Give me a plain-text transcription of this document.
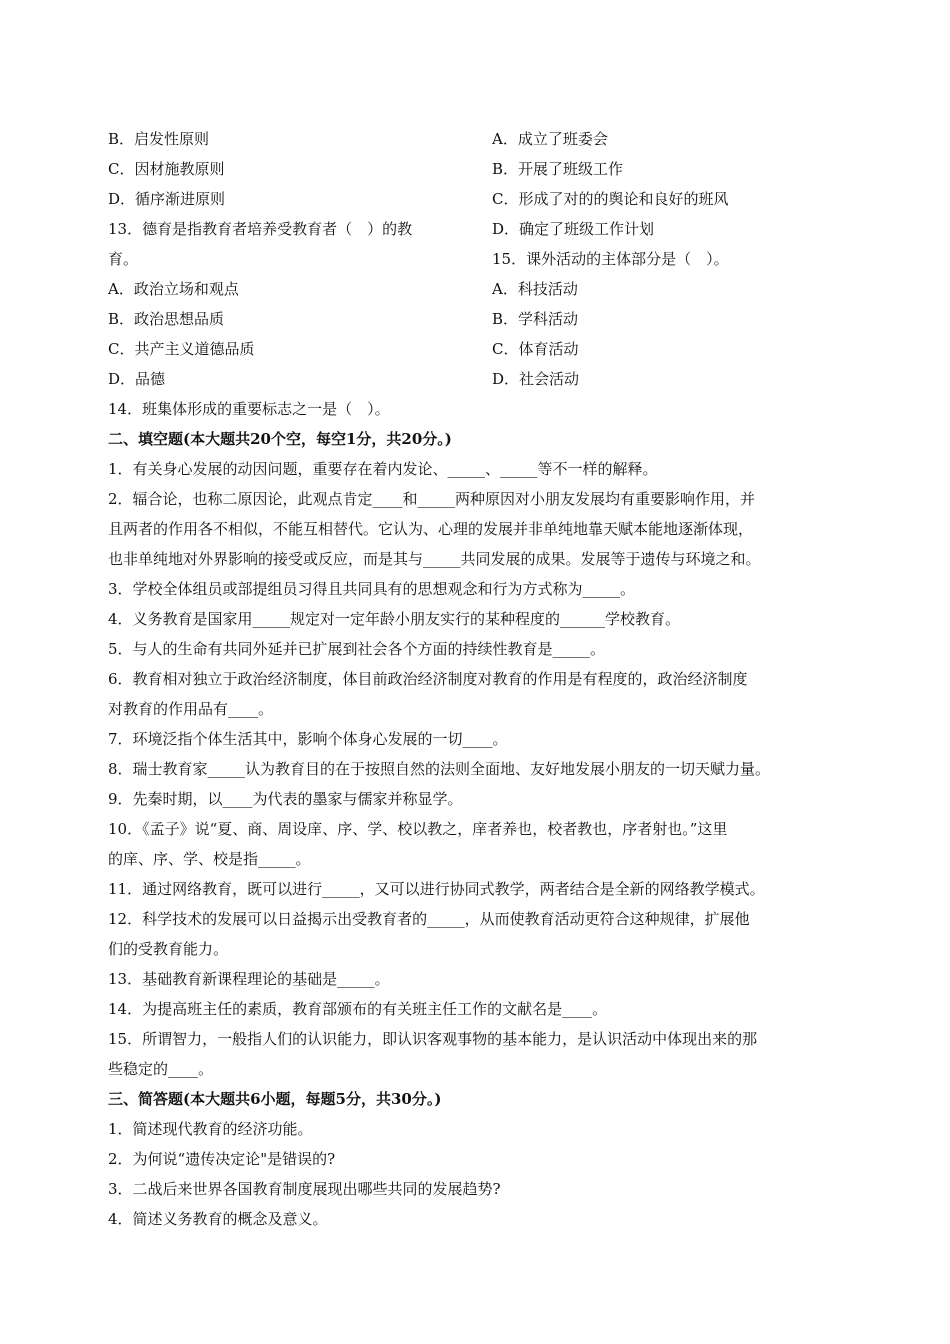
B．启发性原则
C．因材施教原则
D．循序渐进原则
13．德育是指教育者培养受教育者（　）的教
育。
A．政治立场和观点
B．政治思想品质
C．共产主义道德品质
D．品德
14．班集体形成的重要标志之一是（　）。
A．成立了班委会
B．开展了班级工作
C．形成了对的的舆论和良好的班风
D．确定了班级工作计划
15．课外活动的主体部分是（　）。
A．科技活动
B．学科活动
C．体育活动
D．社会活动
二、填空题(本大题共20个空，每空1分，共20分。)
1．有关身心发展的动因问题，重要存在着内发论、_____、_____等不一样的解释。
2．辐合论，也称二原因论，此观点肯定____和_____两种原因对小朋友发展均有重要影响作用，并
且两者的作用各不相似，不能互相替代。它认为、心理的发展并非单纯地靠天赋本能地逐渐体现，
也非单纯地对外界影响的接受或反应，而是其与_____共同发展的成果。发展等于遗传与环境之和。
3．学校全体组员或部提组员习得且共同具有的思想观念和行为方式称为_____。
4．义务教育是国家用_____规定对一定年龄小朋友实行的某种程度的______学校教育。
5．与人的生命有共同外延并已扩展到社会各个方面的持续性教育是_____。
6．教育相对独立于政治经济制度，体目前政治经济制度对教育的作用是有程度的，政治经济制度
对教育的作用品有____。
7．环境泛指个体生活其中，影响个体身心发展的一切____。
8．瑞士教育家_____认为教育目的在于按照自然的法则全面地、友好地发展小朋友的一切天赋力量。
9．先秦时期，以____为代表的墨家与儒家并称显学。
10．《孟子》说“夏、商、周设庠、序、学、校以教之，庠者养也，校者教也，序者射也。”这里
的庠、序、学、校是指_____。
11．通过网络教育，既可以进行_____，又可以进行协同式教学，两者结合是全新的网络教学模式。
12．科学技术的发展可以日益揭示出受教育者的_____，从而使教育活动更符合这种规律，扩展他
们的受教育能力。
13．基础教育新课程理论的基础是_____。
14．为提高班主任的素质，教育部颁布的有关班主任工作的文献名是____。
15．所谓智力，一般指人们的认识能力，即认识客观事物的基本能力，是认识活动中体现出来的那
些稳定的____。
三、简答题(本大题共6小题，每题5分，共30分。)
1．简述现代教育的经济功能。
2．为何说“遗传决定论"是错误的?
3．二战后来世界各国教育制度展现出哪些共同的发展趋势?
4．简述义务教育的概念及意义。
